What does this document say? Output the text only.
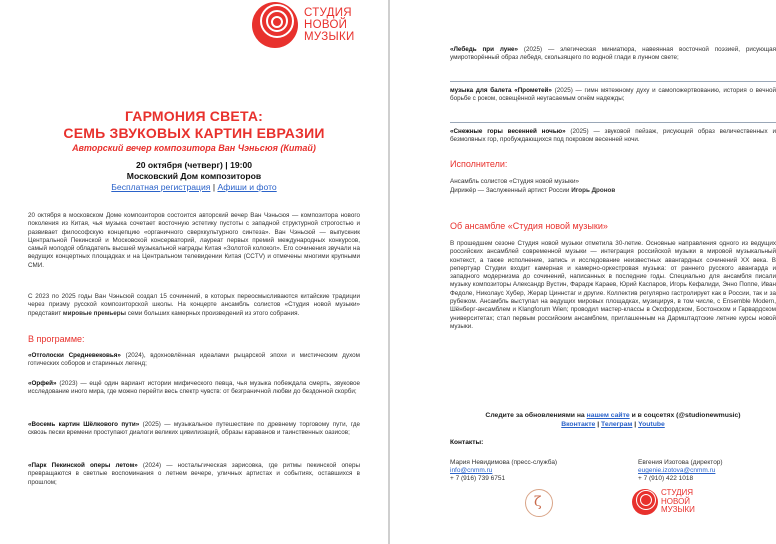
СТУДИЯ
НОВОЙ
МУЗЫКИ
ГАРМОНИЯ СВЕТА:
СЕМЬ ЗВУКОВЫХ КАРТИН ЕВРАЗИИ
Авторский вечер композитора Ван Чэньсюя (Китай)
20 октября (четверг) | 19:00
Московский Дом композиторов
Бесплатная регистрация | Афиши и фото
20 октября в московском Доме композиторов состоится авторский вечер Ван Чэньсюя — композитора нового поколения из Китая, чья музыка сочетает восточную эстетику пустоты с западной структурной строгостью и развивает философскую концепцию «органичного сверхкультурного синтеза». Ван Чэньсюй — выпускник Центральной Пекинской и Московской консерваторий, лауреат первых премий международных конкурсов, самый молодой обладатель высшей музыкальной награды Китая «Золотой колокол». Его сочинения звучали на ведущих концертных площадках и на Центральном телевидении Китая (CCTV) и отмечены многими крупными СМИ.
С 2023 по 2025 годы Ван Чэньсюй создал 15 сочинений, в которых переосмысливаются китайские традиции через призму русской композиторской школы. На концерте ансамбль солистов «Студия новой музыки» представит мировые премьеры семи больших камерных произведений из этого собрания.
В программе:
«Отголоски Средневековья» (2024), вдохновлённая идеалами рыцарской эпохи и мистическим духом готических соборов и старинных легенд;
«Орфей» (2023) — ещё один вариант истории мифического певца, чья музыка побеждала смерть, звуковое исследование иного мира, где можно перейти весь спектр чувств: от безграничной любви до бездонной скорби;
«Восемь картин Шёлкового пути» (2025) — музыкальное путешествие по древнему торговому пути, где сквозь пески времени проступают диалоги великих цивилизаций, образы караванов и таинственных оазисов;
«Парк Пекинской оперы летом» (2024) — ностальгическая зарисовка, где ритмы пекинской оперы превращаются в светлые воспоминания о летнем вечере, уличных артистах и событиях, оставшихся в прошлом;
«Лебедь при луне» (2025) — элегическая миниатюра, навеянная восточной поэзией, рисующая умиротворённый образ лебедя, скользящего по водной глади в лунном свете;
музыка для балета «Прометей» (2025) — гимн мятежному духу и самопожертвованию, история о вечной борьбе с роком, освещённой неугасаемым огнём надежды;
«Снежные горы весенней ночью» (2025) — звуковой пейзаж, рисующий образ величественных и безмолвных гор, пробуждающихся под покровом весенней ночи.
Исполнители:
Ансамбль солистов «Студия новой музыки»
Дирижёр — Заслуженный артист России Игорь Дронов
Об ансамбле «Студия новой музыки»
В прошедшем сезоне Студия новой музыки отметила 30-летие. Основные направления одного из ведущих российских ансамблей современной музыки — интеграция российской музыки в мировой музыкальный контекст, а также исполнение, запись и исследование неизвестных авангардных сочинений XX века. В репертуар Студии входит камерная и камерно-оркестровая музыка: от раннего русского авангарда и западного модернизма до сочинений, написанных в последние годы. Специально для ансамбля писали музыку композиторы Александр Вустин, Фарадж Караев, Юрий Каспаров, Игорь Кефалиди, Энно Поппе, Иван Федоле, Николаус Хубер, Жерар Циннстаг и другие. Коллектив регулярно гастролирует как в России, так и за рубежом. Ансамбль выступал на ведущих мировых площадках, музицируя, в том числе, с Ensemble Modern, Шёнберг-ансамблем и Klangforum Wien; проводил мастер-классы в Оксфордском, Бостонском и Гарвардском университетах; стал первым российским ансамблем, приглашенным на Дармштадтские летние курсы новой музыки.
Следите за обновлениями на нашем сайте и в соцсетях (@studionewmusic)
Вконтакте | Телеграм | Youtube
Контакты:
Мария Невидимова (пресс-служба)
info@cnmm.ru
+ 7 (916) 739 6751
Евгения Изотова (директор)
eugenie.izotova@cnmm.ru
+ 7 (910) 422 1018
ζ
СТУДИЯ
НОВОЙ
МУЗЫКИ
